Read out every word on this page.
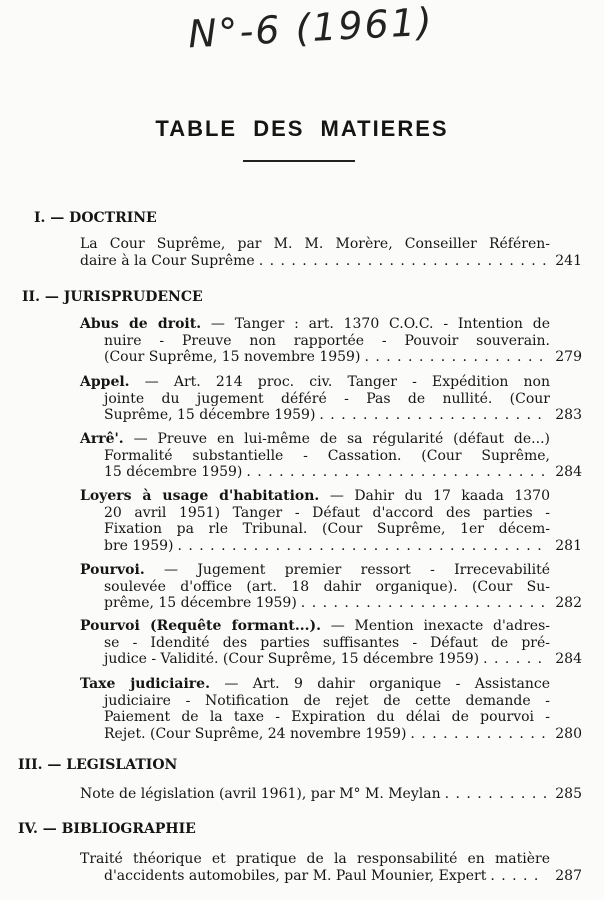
N°-6 (1961)
TABLE DES MATIERES
I. — DOCTRINE
La Cour Suprême, par M. M. Morère, Conseiller Référen-
daire à la Cour Suprême . . .	241
II. — JURISPRUDENCE
Abus de droit. — Tanger : art. 1370 C.O.C. - Intention de
nuire - Preuve non rapportée - Pouvoir souverain.
(Cour Suprême, 15 novembre 1959) . . .	279
Appel. — Art. 214 proc. civ. Tanger - Expédition non
jointe du jugement déféré - Pas de nullité. (Cour
Suprême, 15 décembre 1959) . . .	283
Arrê'. — Preuve en lui-même de sa régularité (défaut de...)
Formalité substantielle - Cassation. (Cour Suprême,
15 décembre 1959) . . .	284
Loyers à usage d'habitation. — Dahir du 17 kaada 1370
20 avril 1951) Tanger - Défaut d'accord des parties -
Fixation pa rle Tribunal. (Cour Suprême, 1er décem-
bre 1959) . . .	281
Pourvoi. — Jugement premier ressort - Irrecevabilité
soulevée d'office (art. 18 dahir organique). (Cour Su-
prême, 15 décembre 1959) . . .	282
Pourvoi (Requête formant...). — Mention inexacte d'adres-
se - Idendité des parties suffisantes - Défaut de pré-
judice - Validité. (Cour Suprême, 15 décembre 1959) . . .	284
Taxe judiciaire. — Art. 9 dahir organique - Assistance
judiciaire - Notification de rejet de cette demande -
Paiement de la taxe - Expiration du délai de pourvoi -
Rejet. (Cour Suprême, 24 novembre 1959) . . .	280
III. — LEGISLATION
Note de législation (avril 1961), par M° M. Meylan . . .	285
IV. — BIBLIOGRAPHIE
Traité théorique et pratique de la responsabilité en matière
d'accidents automobiles, par M. Paul Mounier, Expert . . .	287
